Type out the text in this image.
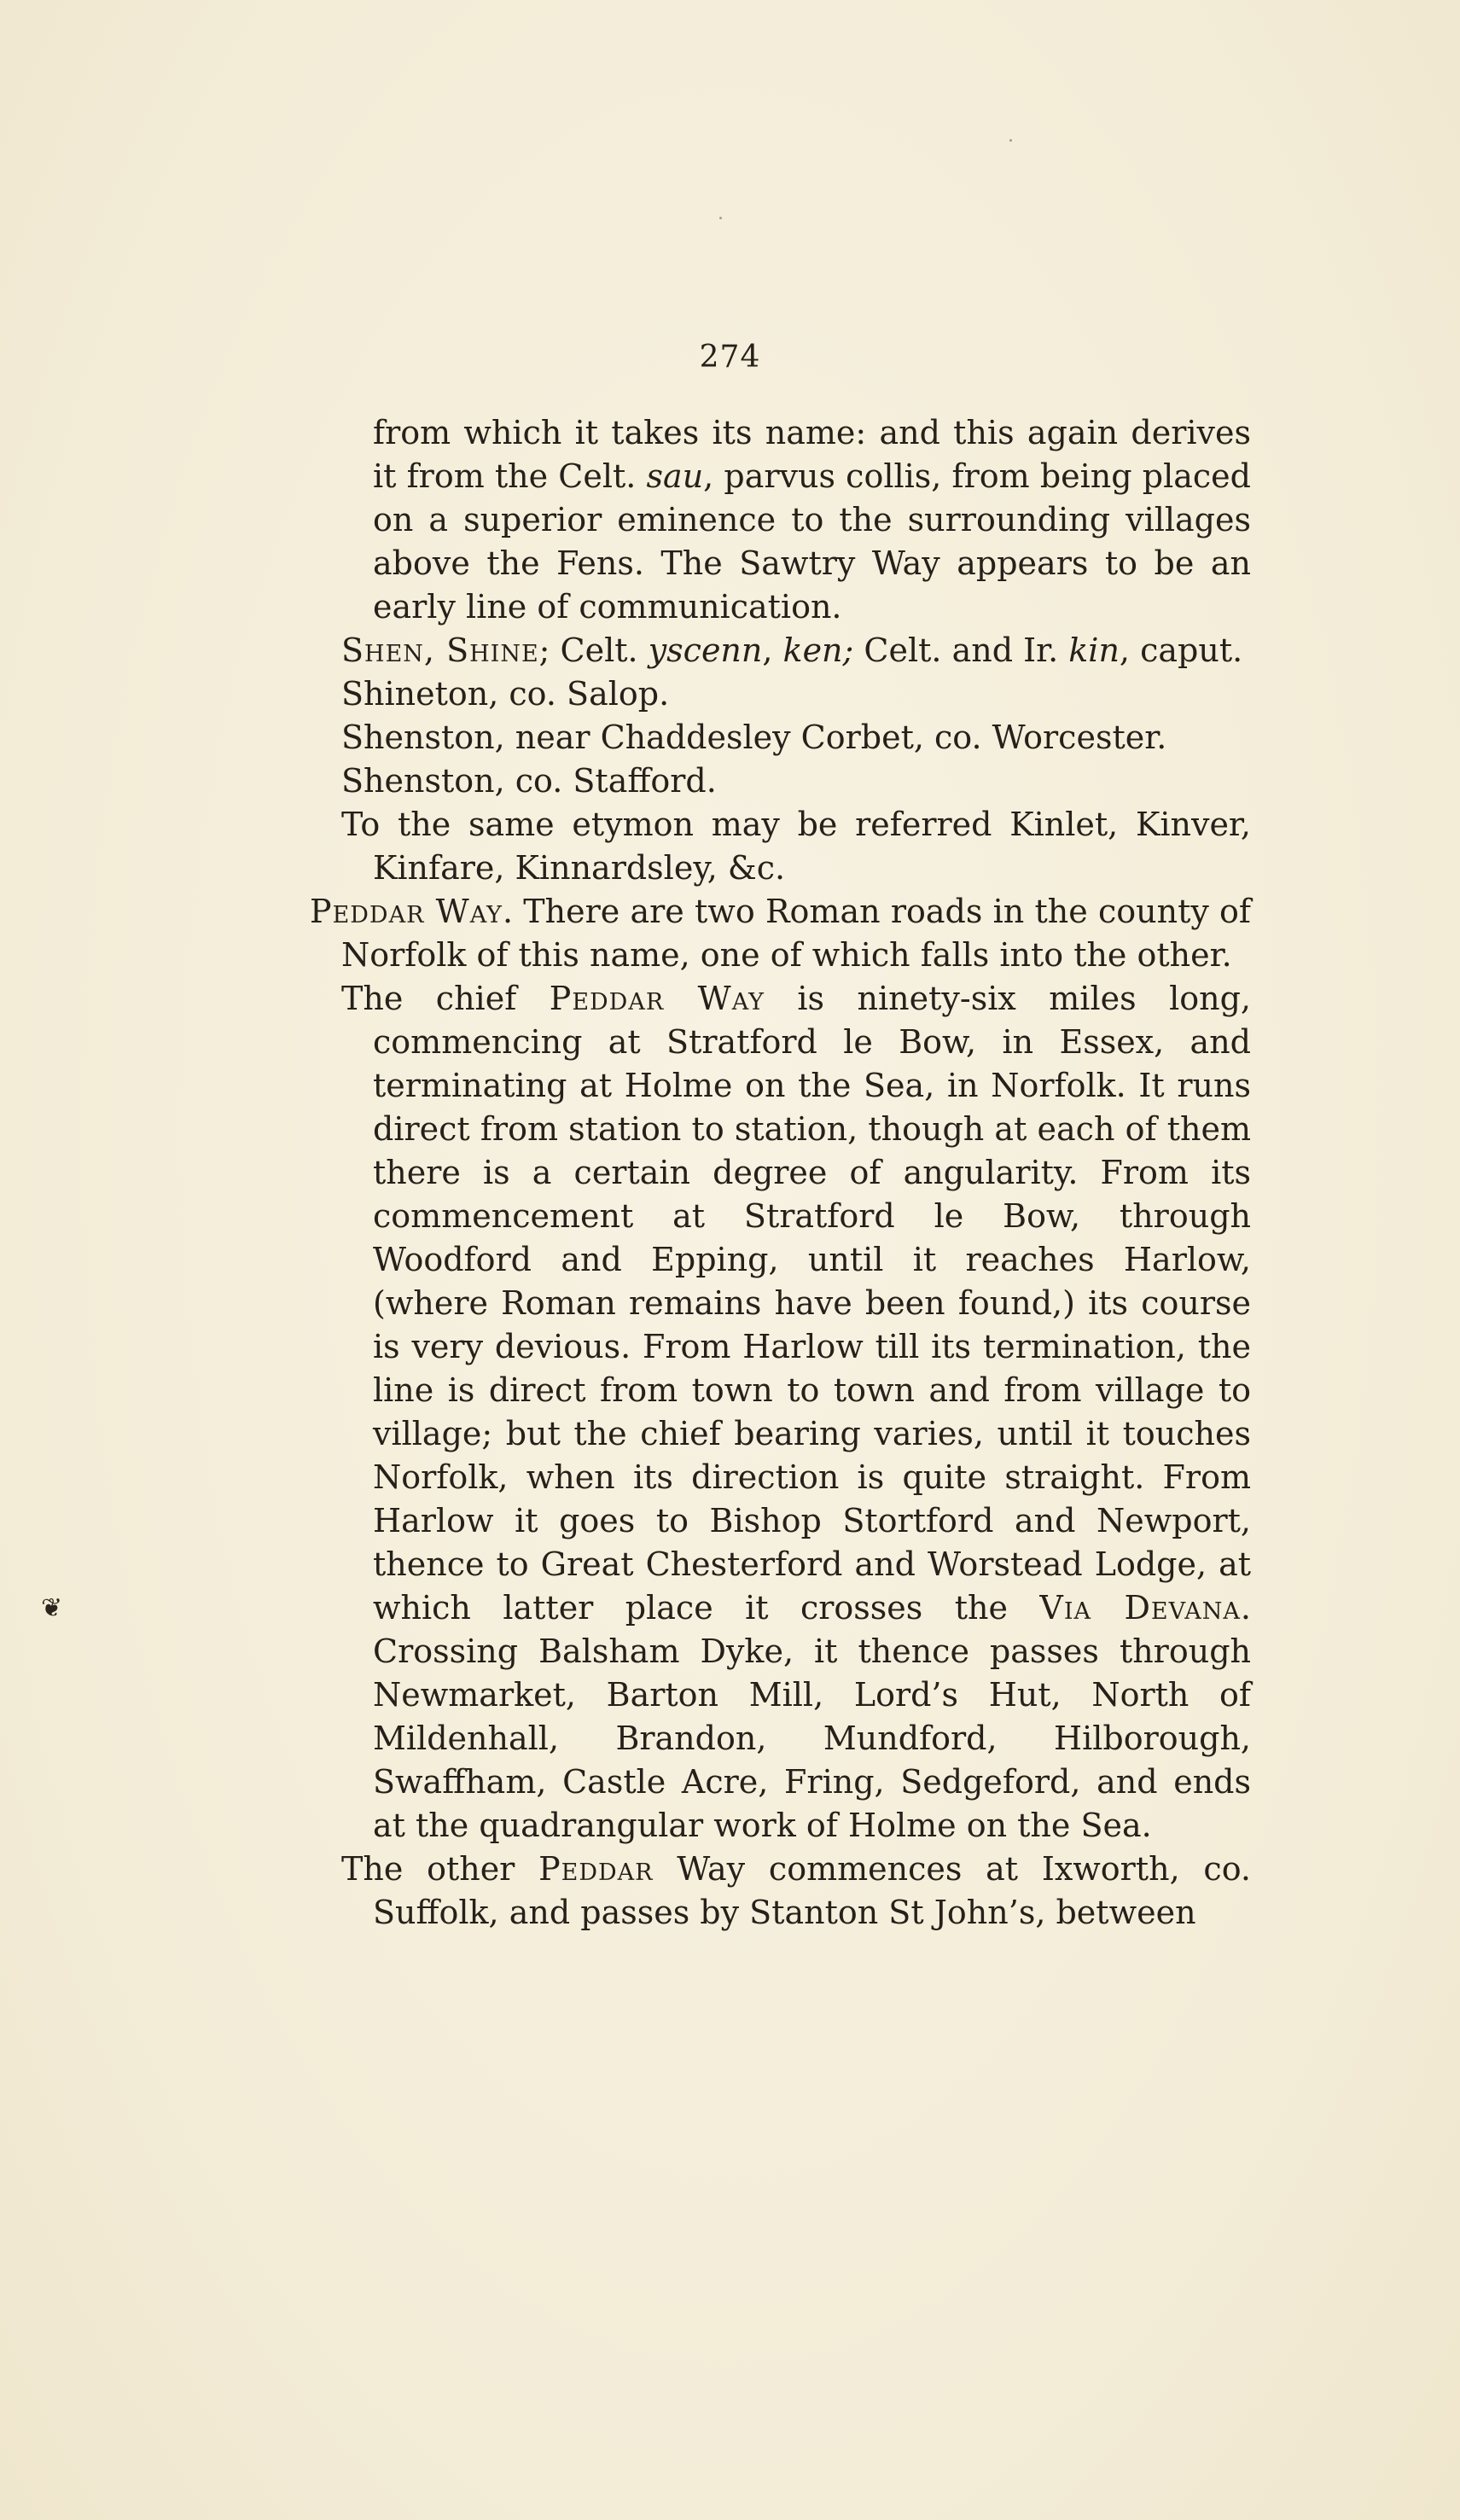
274
❦

from which it takes its name: and this again derives it from the Celt. sau, parvus collis, from being placed on a superior eminence to the surrounding villages above the Fens. The Sawtry Way appears to be an early line of communication.

Shen, Shine; Celt. yscenn, ken; Celt. and Ir. kin, caput.

Shineton, co. Salop.

Shenston, near Chaddesley Corbet, co. Worcester.

Shenston, co. Stafford.

To the same etymon may be referred Kinlet, Kinver, Kinfare, Kinnardsley, &c.

Peddar Way. There are two Roman roads in the county of Norfolk of this name, one of which falls into the other.

The chief Peddar Way is ninety-six miles long, commencing at Stratford le Bow, in Essex, and terminating at Holme on the Sea, in Norfolk. It runs direct from station to station, though at each of them there is a certain degree of angularity. From its commencement at Stratford le Bow, through Woodford and Epping, until it reaches Harlow, (where Roman remains have been found,) its course is very devious. From Harlow till its termination, the line is direct from town to town and from village to village; but the chief bearing varies, until it touches Norfolk, when its direction is quite straight. From Harlow it goes to Bishop Stortford and Newport, thence to Great Chesterford and Worstead Lodge, at which latter place it crosses the Via Devana. Crossing Balsham Dyke, it thence passes through Newmarket, Barton Mill, Lord’s Hut, North of Mildenhall, Brandon, Mundford, Hilborough, Swaffham, Castle Acre, Fring, Sedgeford, and ends at the quadrangular work of Holme on the Sea.

The other Peddar Way commences at Ixworth, co. Suffolk, and passes by Stanton St John’s, between
